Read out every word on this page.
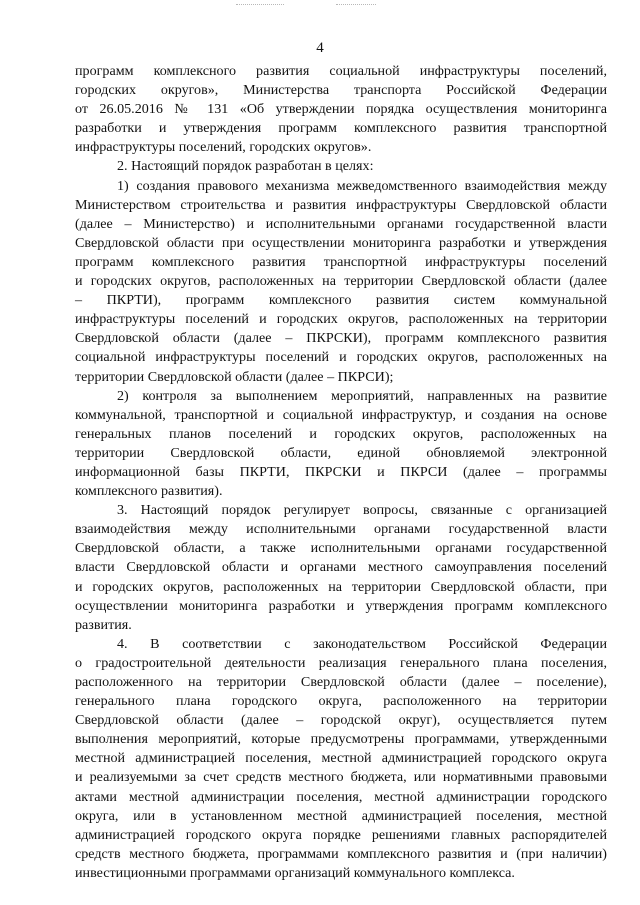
4
программ комплексного развития социальной инфраструктуры поселений,
городских округов», Министерства транспорта Российской Федерации
от 26.05.2016 № 131 «Об утверждении порядка осуществления мониторинга
разработки и утверждения программ комплексного развития транспортной
инфраструктуры поселений, городских округов».
2. Настоящий порядок разработан в целях:
1) создания правового механизма межведомственного взаимодействия между
Министерством строительства и развития инфраструктуры Свердловской области
(далее – Министерство) и исполнительными органами государственной власти
Свердловской области при осуществлении мониторинга разработки и утверждения
программ комплексного развития транспортной инфраструктуры поселений
и городских округов, расположенных на территории Свердловской области (далее
– ПКРТИ), программ комплексного развития систем коммунальной
инфраструктуры поселений и городских округов, расположенных на территории
Свердловской области (далее – ПКРСКИ), программ комплексного развития
социальной инфраструктуры поселений и городских округов, расположенных на
территории Свердловской области (далее – ПКРСИ);
2) контроля за выполнением мероприятий, направленных на развитие
коммунальной, транспортной и социальной инфраструктур, и создания на основе
генеральных планов поселений и городских округов, расположенных на
территории Свердловской области, единой обновляемой электронной
информационной базы ПКРТИ, ПКРСКИ и ПКРСИ (далее – программы
комплексного развития).
3. Настоящий порядок регулирует вопросы, связанные с организацией
взаимодействия между исполнительными органами государственной власти
Свердловской области, а также исполнительными органами государственной
власти Свердловской области и органами местного самоуправления поселений
и городских округов, расположенных на территории Свердловской области, при
осуществлении мониторинга разработки и утверждения программ комплексного
развития.
4. В соответствии с законодательством Российской Федерации
о градостроительной деятельности реализация генерального плана поселения,
расположенного на территории Свердловской области (далее – поселение),
генерального плана городского округа, расположенного на территории
Свердловской области (далее – городской округ), осуществляется путем
выполнения мероприятий, которые предусмотрены программами, утвержденными
местной администрацией поселения, местной администрацией городского округа
и реализуемыми за счет средств местного бюджета, или нормативными правовыми
актами местной администрации поселения, местной администрации городского
округа, или в установленном местной администрацией поселения, местной
администрацией городского округа порядке решениями главных распорядителей
средств местного бюджета, программами комплексного развития и (при наличии)
инвестиционными программами организаций коммунального комплекса.
